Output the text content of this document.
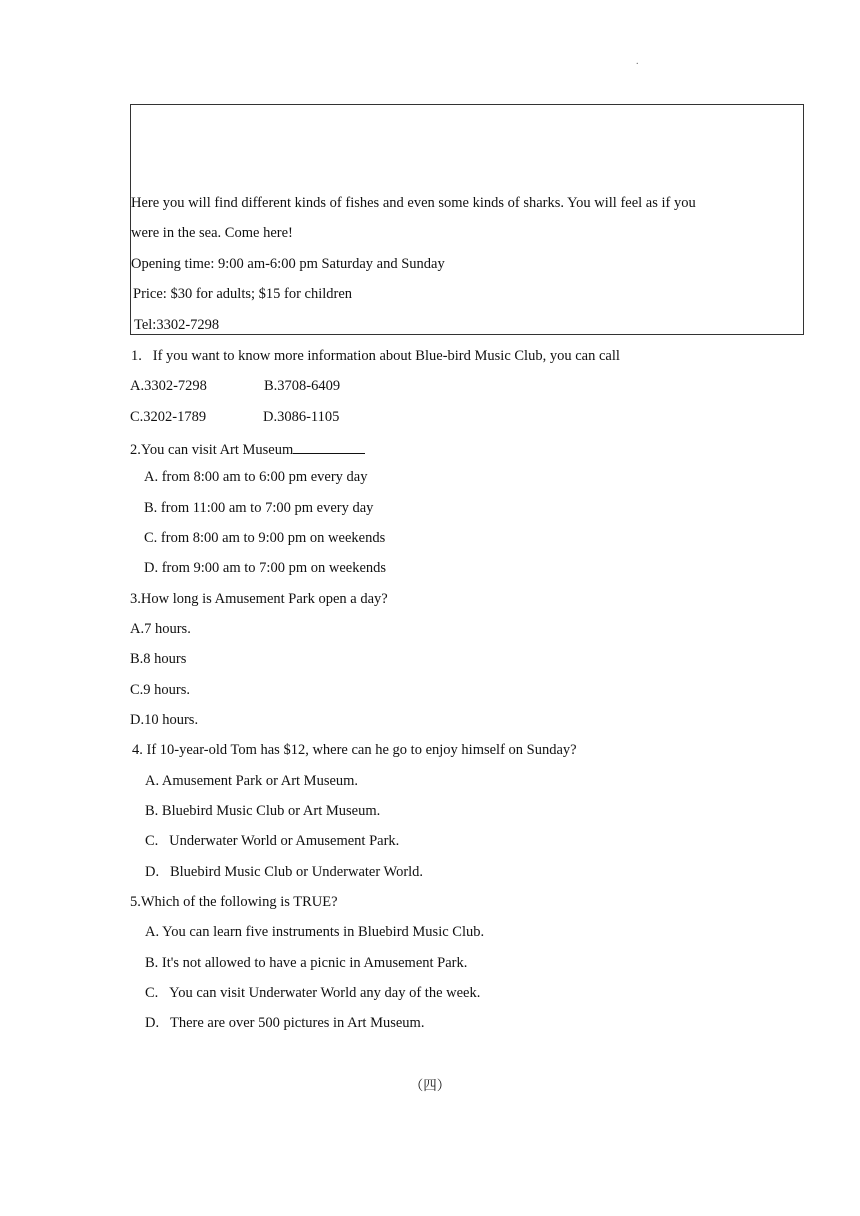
.
Here you will find different kinds of fishes and even some kinds of sharks. You will feel as if you
were in the sea. Come here!
Opening time: 9:00 am-6:00 pm Saturday and Sunday
Price: $30 for adults; $15 for children
Tel:3302-7298
1.   If you want to know more information about Blue-bird Music Club, you can call
A.3302-7298	B.3708-6409
C.3202-1789	D.3086-1105
2.You can visit Art Museum
A. from 8:00 am to 6:00 pm every day
B. from 11:00 am to 7:00 pm every day
C. from 8:00 am to 9:00 pm on weekends
D. from 9:00 am to 7:00 pm on weekends
3.How long is Amusement Park open a day?
A.7 hours.
B.8 hours
C.9 hours.
D.10 hours.
4. If 10-year-old Tom has $12, where can he go to enjoy himself on Sunday?
A. Amusement Park or Art Museum.
B. Bluebird Music Club or Art Museum.
C.   Underwater World or Amusement Park.
D.   Bluebird Music Club or Underwater World.
5.Which of the following is TRUE?
A. You can learn five instruments in Bluebird Music Club.
B. It's not allowed to have a picnic in Amusement Park.
C.   You can visit Underwater World any day of the week.
D.   There are over 500 pictures in Art Museum.
（四）
